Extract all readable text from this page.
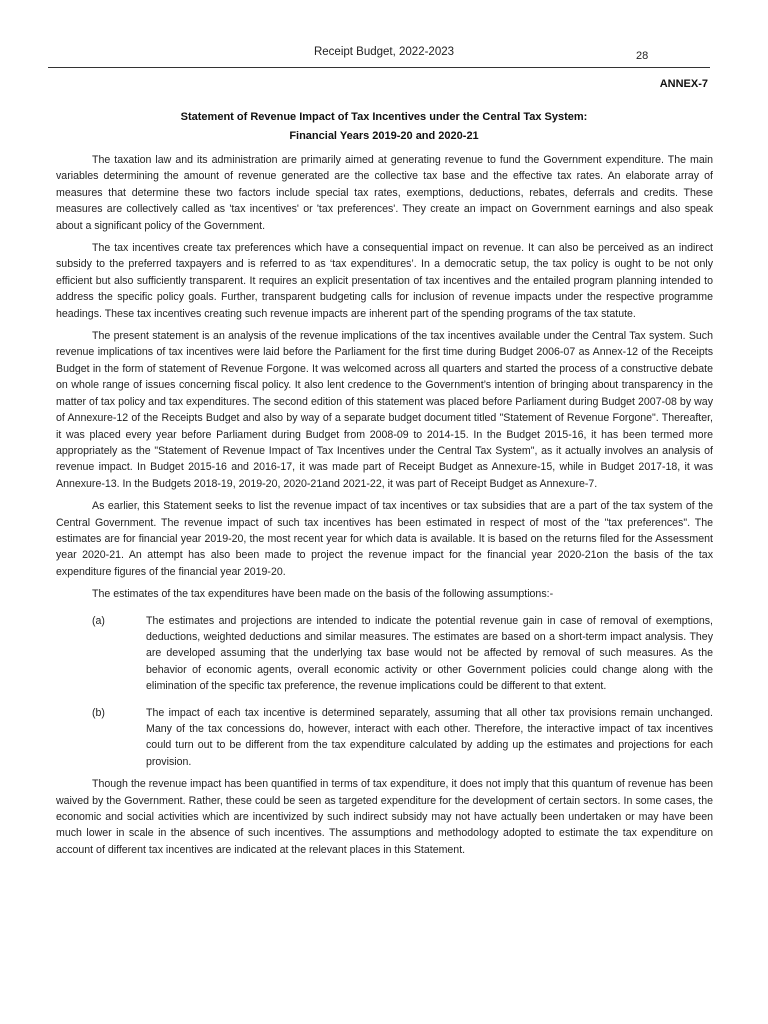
Receipt Budget, 2022-2023	28
ANNEX-7
Statement of Revenue Impact of Tax Incentives under the Central Tax System:
Financial Years 2019-20 and 2020-21

The taxation law and its administration are primarily aimed at generating revenue to fund the Government expenditure. The main variables determining the amount of revenue generated are the collective tax base and the effective tax rates. An elaborate array of measures that determine these two factors include special tax rates, exemptions, deductions, rebates, deferrals and credits. These measures are collectively called as 'tax incentives' or 'tax preferences'. They create an impact on Government earnings and also speak about a significant policy of the Government.

The tax incentives create tax preferences which have a consequential impact on revenue. It can also be perceived as an indirect subsidy to the preferred taxpayers and is referred to as ‘tax expenditures’. In a democratic setup, the tax policy is ought to be not only efficient but also sufficiently transparent. It requires an explicit presentation of tax incentives and the entailed program planning intended to address the specific policy goals. Further, transparent budgeting calls for inclusion of revenue impacts under the respective programme headings. These tax incentives creating such revenue impacts are inherent part of the spending programs of the tax statute.

The present statement is an analysis of the revenue implications of the tax incentives available under the Central Tax system. Such revenue implications of tax incentives were laid before the Parliament for the first time during Budget 2006-07 as Annex-12 of the Receipts Budget in the form of statement of Revenue Forgone. It was welcomed across all quarters and started the process of a constructive debate on whole range of issues concerning fiscal policy. It also lent credence to the Government’s intention of bringing about transparency in the matter of tax policy and tax expenditures. The second edition of this statement was placed before Parliament during Budget 2007-08 by way of Annexure-12 of the Receipts Budget and also by way of a separate budget document titled "Statement of Revenue Forgone". Thereafter, it was placed every year before Parliament during Budget from 2008-09 to 2014-15. In the Budget 2015-16, it has been termed more appropriately as the "Statement of Revenue Impact of Tax Incentives under the Central Tax System", as it actually involves an analysis of revenue impact. In Budget 2015-16 and 2016-17, it was made part of Receipt Budget as Annexure-15, while in Budget 2017-18, it was Annexure-13. In the Budgets 2018-19, 2019-20, 2020-21and 2021-22, it was part of Receipt Budget as Annexure-7.

As earlier, this Statement seeks to list the revenue impact of tax incentives or tax subsidies that are a part of the tax system of the Central Government. The revenue impact of such tax incentives has been estimated in respect of most of the "tax preferences". The estimates are for financial year 2019-20, the most recent year for which data is available. It is based on the returns filed for the Assessment year 2020-21. An attempt has also been made to project the revenue impact for the financial year 2020-21on the basis of the tax expenditure figures of the financial year 2019-20.

The estimates of the tax expenditures have been made on the basis of the following assumptions:-

(a)	The estimates and projections are intended to indicate the potential revenue gain in case of removal of exemptions, deductions, weighted deductions and similar measures. The estimates are based on a short-term impact analysis. They are developed assuming that the underlying tax base would not be affected by removal of such measures. As the behavior of economic agents, overall economic activity or other Government policies could change along with the elimination of the specific tax preference, the revenue implications could be different to that extent.
(b)	The impact of each tax incentive is determined separately, assuming that all other tax provisions remain unchanged. Many of the tax concessions do, however, interact with each other. Therefore, the interactive impact of tax incentives could turn out to be different from the tax expenditure calculated by adding up the estimates and projections for each provision.

Though the revenue impact has been quantified in terms of tax expenditure, it does not imply that this quantum of revenue has been waived by the Government. Rather, these could be seen as targeted expenditure for the development of certain sectors. In some cases, the economic and social activities which are incentivized by such indirect subsidy may not have actually been undertaken or may have been much lower in scale in the absence of such incentives. The assumptions and methodology adopted to estimate the tax expenditure on account of different tax incentives are indicated at the relevant places in this Statement.
